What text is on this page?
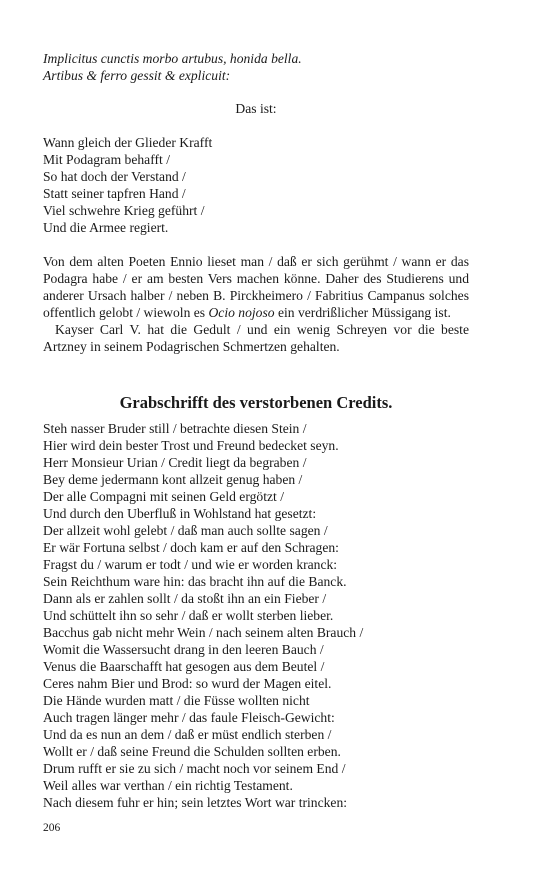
Implicitus cunctis morbo artubus, honida bella.
Artibus & ferro gessit & explicuit:
Das ist:
Wann gleich der Glieder Krafft
Mit Podagram behafft /
So hat doch der Verstand /
Statt seiner tapfren Hand /
Viel schwehre Krieg geführt /
Und die Armee regiert.

Von dem alten Poeten Ennio lieset man / daß er sich gerühmt / wann er das Podagra habe / er am besten Vers machen könne. Daher des Studierens und anderer Ursach halber / neben B. Pirckheimero / Fabritius Campanus solches offentlich gelobt / wiewoln es Ocio nojoso ein verdrißlicher Müssigang ist.

Kayser Carl V. hat die Gedult / und ein wenig Schreyen vor die beste Artzney in seinem Podagrischen Schmertzen gehalten.

Grabschrifft des verstorbenen Credits.
Steh nasser Bruder still / betrachte diesen Stein /
Hier wird dein bester Trost und Freund bedecket seyn.
Herr Monsieur Urian / Credit liegt da begraben /
Bey deme jedermann kont allzeit genug haben /
Der alle Compagni mit seinen Geld ergötzt /
Und durch den Uberfluß in Wohlstand hat gesetzt:
Der allzeit wohl gelebt / daß man auch sollte sagen /
Er wär Fortuna selbst / doch kam er auf den Schragen:
Fragst du / warum er todt / und wie er worden kranck:
Sein Reichthum ware hin: das bracht ihn auf die Banck.
Dann als er zahlen sollt / da stoßt ihn an ein Fieber /
Und schüttelt ihn so sehr / daß er wollt sterben lieber.
Bacchus gab nicht mehr Wein / nach seinem alten Brauch /
Womit die Wassersucht drang in den leeren Bauch /
Venus die Baarschafft hat gesogen aus dem Beutel /
Ceres nahm Bier und Brod: so wurd der Magen eitel.
Die Hände wurden matt / die Füsse wollten nicht
Auch tragen länger mehr / das faule Fleisch-Gewicht:
Und da es nun an dem / daß er müst endlich sterben /
Wollt er / daß seine Freund die Schulden sollten erben.
Drum rufft er sie zu sich / macht noch vor seinem End /
Weil alles war verthan / ein richtig Testament.
Nach diesem fuhr er hin; sein letztes Wort war trincken:
206
